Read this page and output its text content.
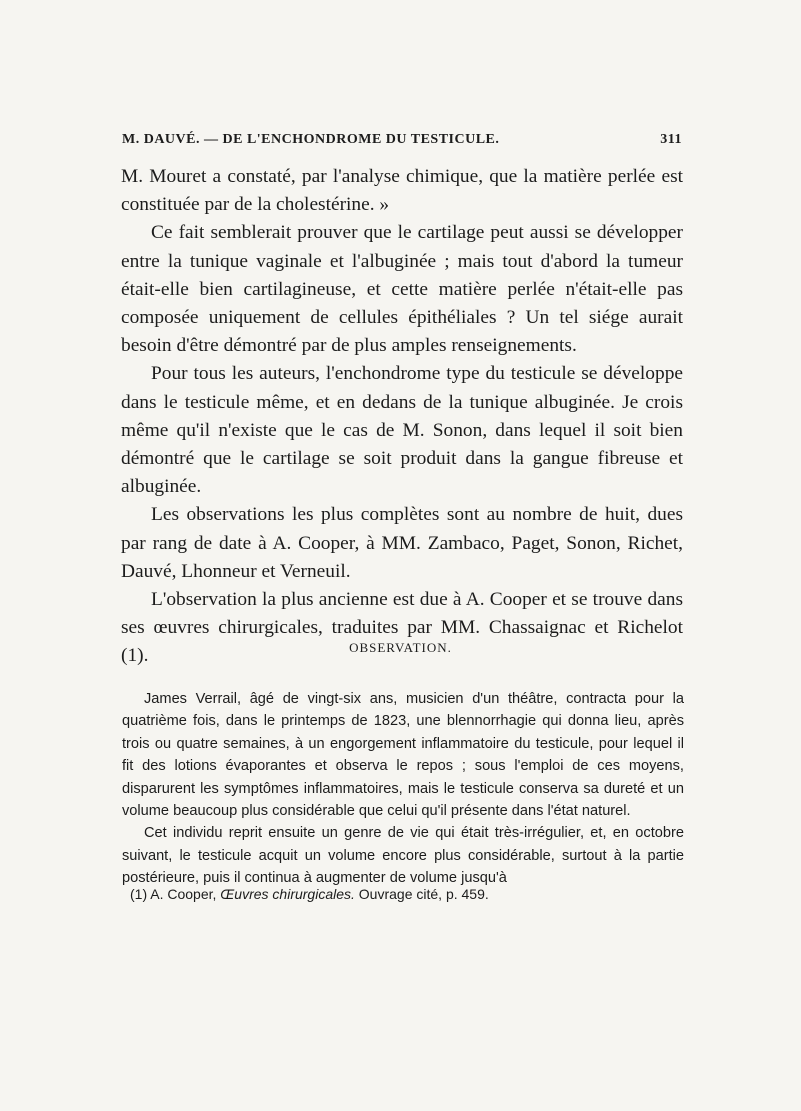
M. DAUVÉ. — DE L'ENCHONDROME DU TESTICULE.	311

M. Mouret a constaté, par l'analyse chimique, que la matière perlée est constituée par de la cholestérine. »

Ce fait semblerait prouver que le cartilage peut aussi se développer entre la tunique vaginale et l'albuginée ; mais tout d'abord la tumeur était-elle bien cartilagineuse, et cette matière perlée n'était-elle pas composée uniquement de cellules épithéliales ? Un tel siége aurait besoin d'être démontré par de plus amples renseignements.

Pour tous les auteurs, l'enchondrome type du testicule se développe dans le testicule même, et en dedans de la tunique albuginée. Je crois même qu'il n'existe que le cas de M. Sonon, dans lequel il soit bien démontré que le cartilage se soit produit dans la gangue fibreuse et albuginée.

Les observations les plus complètes sont au nombre de huit, dues par rang de date à A. Cooper, à MM. Zambaco, Paget, Sonon, Richet, Dauvé, Lhonneur et Verneuil.

L'observation la plus ancienne est due à A. Cooper et se trouve dans ses œuvres chirurgicales, traduites par MM. Chassaignac et Richelot (1).	OBSERVATION.

James Verrail, âgé de vingt-six ans, musicien d'un théâtre, contracta pour la quatrième fois, dans le printemps de 1823, une blennorrhagie qui donna lieu, après trois ou quatre semaines, à un engorgement inflammatoire du testicule, pour lequel il fit des lotions évaporantes et observa le repos ; sous l'emploi de ces moyens, disparurent les symptômes inflammatoires, mais le testicule conserva sa dureté et un volume beaucoup plus considérable que celui qu'il présente dans l'état naturel.

Cet individu reprit ensuite un genre de vie qui était très-irrégulier, et, en octobre suivant, le testicule acquit un volume encore plus considérable, surtout à la partie postérieure, puis il continua à augmenter de volume jusqu'à

(1) A. Cooper, Œuvres chirurgicales. Ouvrage cité, p. 459.
